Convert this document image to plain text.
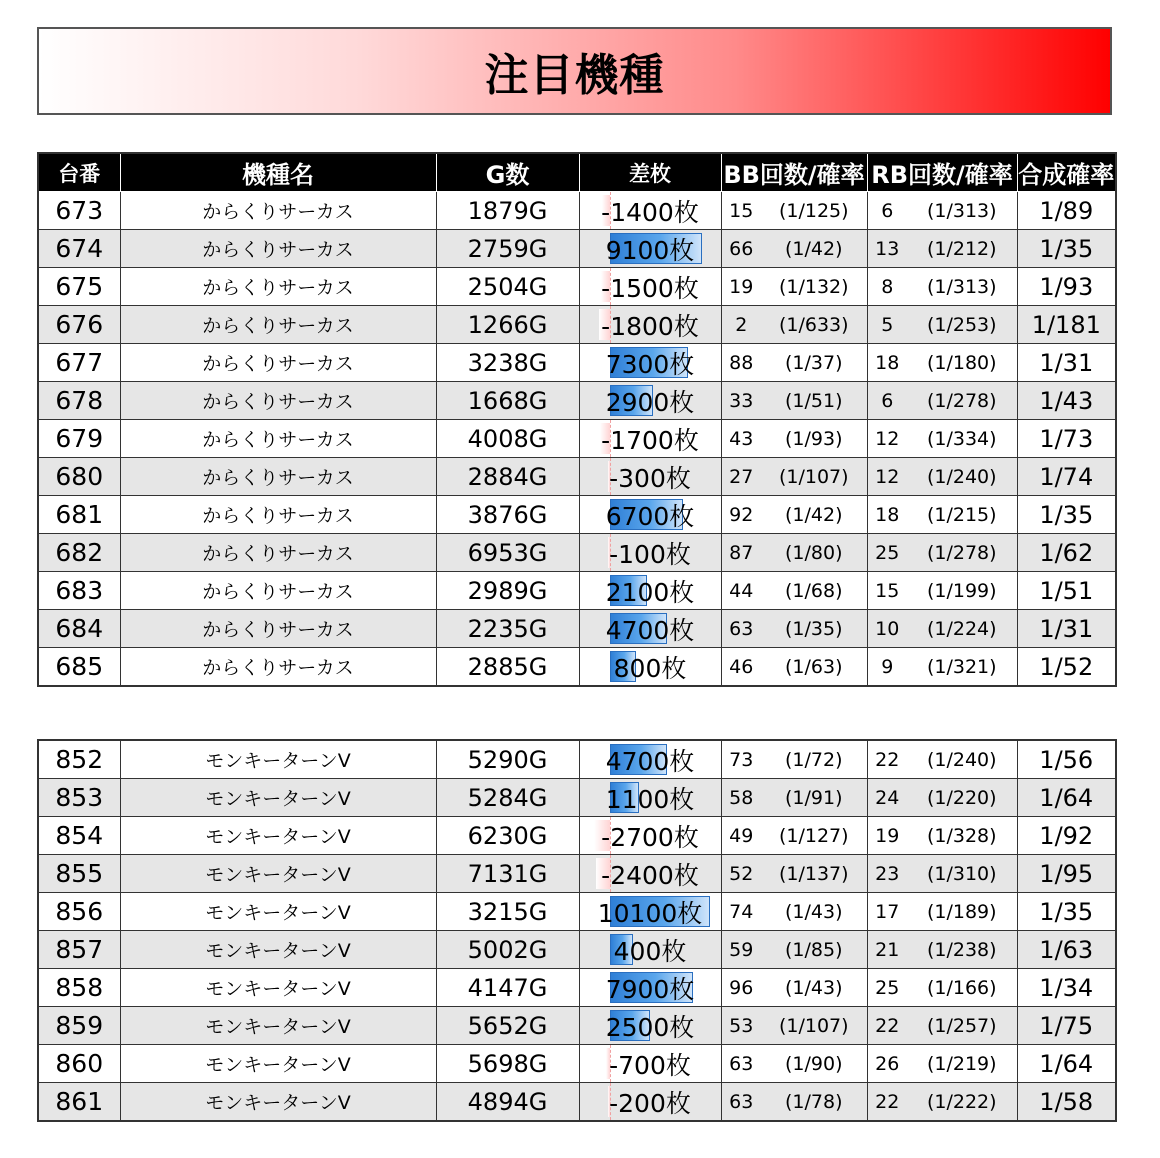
注目機種
台番	機種名	G数	差枚	BB回数/確率		RB回数/確率		合成確率
673	からくりサーカス	1879G	-1400枚	15	(1/125)	6	(1/313)	1/89
674	からくりサーカス	2759G	9100枚	66	(1/42)	13	(1/212)	1/35
675	からくりサーカス	2504G	-1500枚	19	(1/132)	8	(1/313)	1/93
676	からくりサーカス	1266G	-1800枚	2	(1/633)	5	(1/253)	1/181
677	からくりサーカス	3238G	7300枚	88	(1/37)	18	(1/180)	1/31
678	からくりサーカス	1668G	2900枚	33	(1/51)	6	(1/278)	1/43
679	からくりサーカス	4008G	-1700枚	43	(1/93)	12	(1/334)	1/73
680	からくりサーカス	2884G	-300枚	27	(1/107)	12	(1/240)	1/74
681	からくりサーカス	3876G	6700枚	92	(1/42)	18	(1/215)	1/35
682	からくりサーカス	6953G	-100枚	87	(1/80)	25	(1/278)	1/62
683	からくりサーカス	2989G	2100枚	44	(1/68)	15	(1/199)	1/51
684	からくりサーカス	2235G	4700枚	63	(1/35)	10	(1/224)	1/31
685	からくりサーカス	2885G	800枚	46	(1/63)	9	(1/321)	1/52
852	モンキーターンV	5290G	4700枚	73	(1/72)	22	(1/240)	1/56
853	モンキーターンV	5284G	1100枚	58	(1/91)	24	(1/220)	1/64
854	モンキーターンV	6230G	-2700枚	49	(1/127)	19	(1/328)	1/92
855	モンキーターンV	7131G	-2400枚	52	(1/137)	23	(1/310)	1/95
856	モンキーターンV	3215G	10100枚	74	(1/43)	17	(1/189)	1/35
857	モンキーターンV	5002G	400枚	59	(1/85)	21	(1/238)	1/63
858	モンキーターンV	4147G	7900枚	96	(1/43)	25	(1/166)	1/34
859	モンキーターンV	5652G	2500枚	53	(1/107)	22	(1/257)	1/75
860	モンキーターンV	5698G	-700枚	63	(1/90)	26	(1/219)	1/64
861	モンキーターンV	4894G	-200枚	63	(1/78)	22	(1/222)	1/58
